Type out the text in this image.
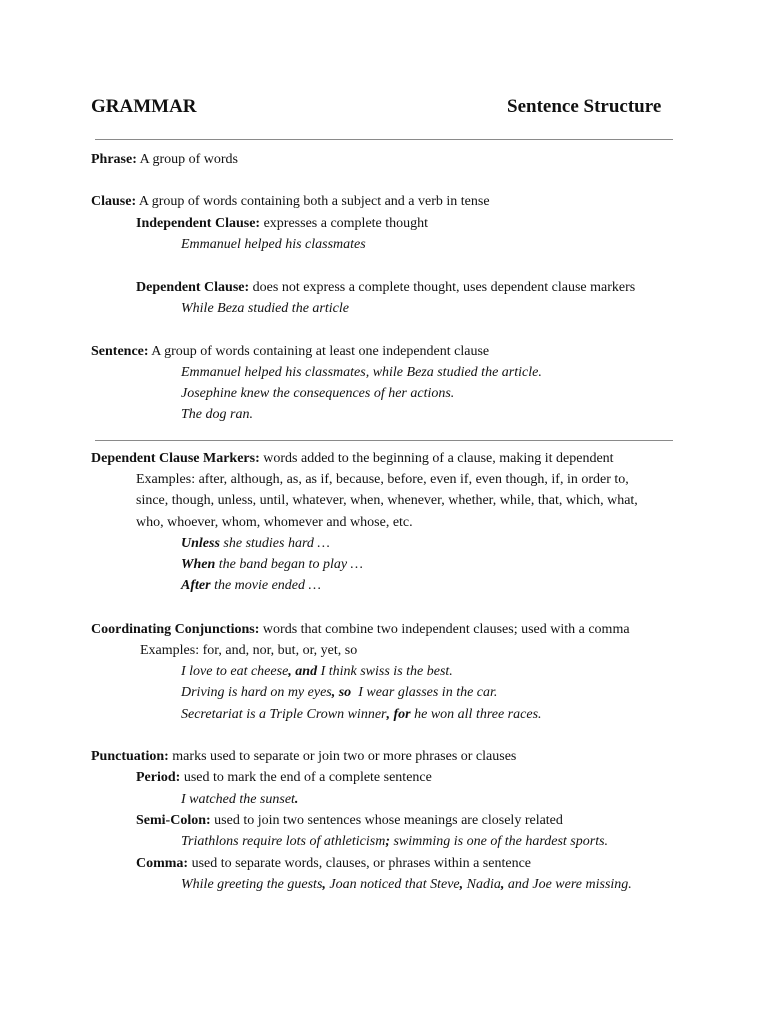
GRAMMAR	Sentence Structure
Phrase: A group of words
Clause: A group of words containing both a subject and a verb in tense
Independent Clause: expresses a complete thought
Emmanuel helped his classmates
Dependent Clause: does not express a complete thought, uses dependent clause markers
While Beza studied the article
Sentence: A group of words containing at least one independent clause
Emmanuel helped his classmates, while Beza studied the article.
Josephine knew the consequences of her actions.
The dog ran.
Dependent Clause Markers: words added to the beginning of a clause, making it dependent
Examples: after, although, as, as if, because, before, even if, even though, if, in order to,
since, though, unless, until, whatever, when, whenever, whether, while, that, which, what,
who, whoever, whom, whomever and whose, etc.
Unless she studies hard …
When the band began to play …
After the movie ended …
Coordinating Conjunctions: words that combine two independent clauses; used with a comma
Examples: for, and, nor, but, or, yet, so
I love to eat cheese, and I think swiss is the best.
Driving is hard on my eyes, so  I wear glasses in the car.
Secretariat is a Triple Crown winner, for he won all three races.
Punctuation: marks used to separate or join two or more phrases or clauses
Period: used to mark the end of a complete sentence
I watched the sunset.
Semi-Colon: used to join two sentences whose meanings are closely related
Triathlons require lots of athleticism; swimming is one of the hardest sports.
Comma: used to separate words, clauses, or phrases within a sentence
While greeting the guests, Joan noticed that Steve, Nadia, and Joe were missing.
